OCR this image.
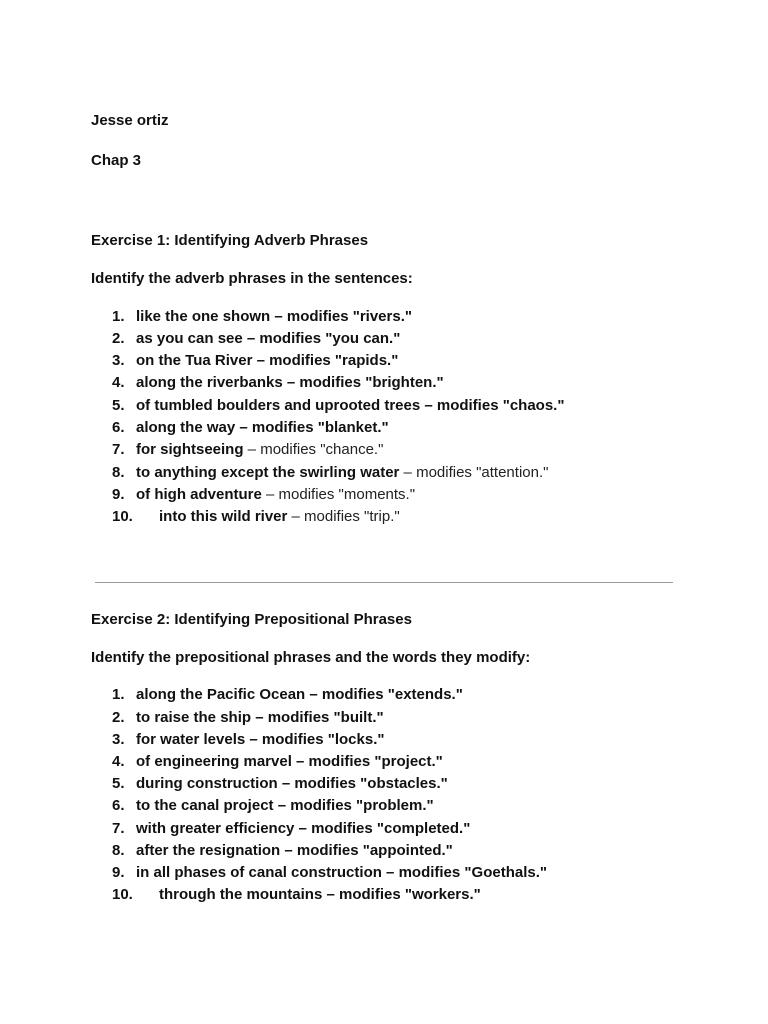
Jesse ortiz
Chap 3
Exercise 1: Identifying Adverb Phrases
Identify the adverb phrases in the sentences:
1. like the one shown – modifies "rivers."
2. as you can see – modifies "you can."
3. on the Tua River – modifies "rapids."
4. along the riverbanks – modifies "brighten."
5. of tumbled boulders and uprooted trees – modifies "chaos."
6. along the way – modifies "blanket."
7. for sightseeing – modifies "chance."
8. to anything except the swirling water – modifies "attention."
9. of high adventure – modifies "moments."
10. into this wild river – modifies "trip."
Exercise 2: Identifying Prepositional Phrases
Identify the prepositional phrases and the words they modify:
1. along the Pacific Ocean – modifies "extends."
2. to raise the ship – modifies "built."
3. for water levels – modifies "locks."
4. of engineering marvel – modifies "project."
5. during construction – modifies "obstacles."
6. to the canal project – modifies "problem."
7. with greater efficiency – modifies "completed."
8. after the resignation – modifies "appointed."
9. in all phases of canal construction – modifies "Goethals."
10. through the mountains – modifies "workers."
